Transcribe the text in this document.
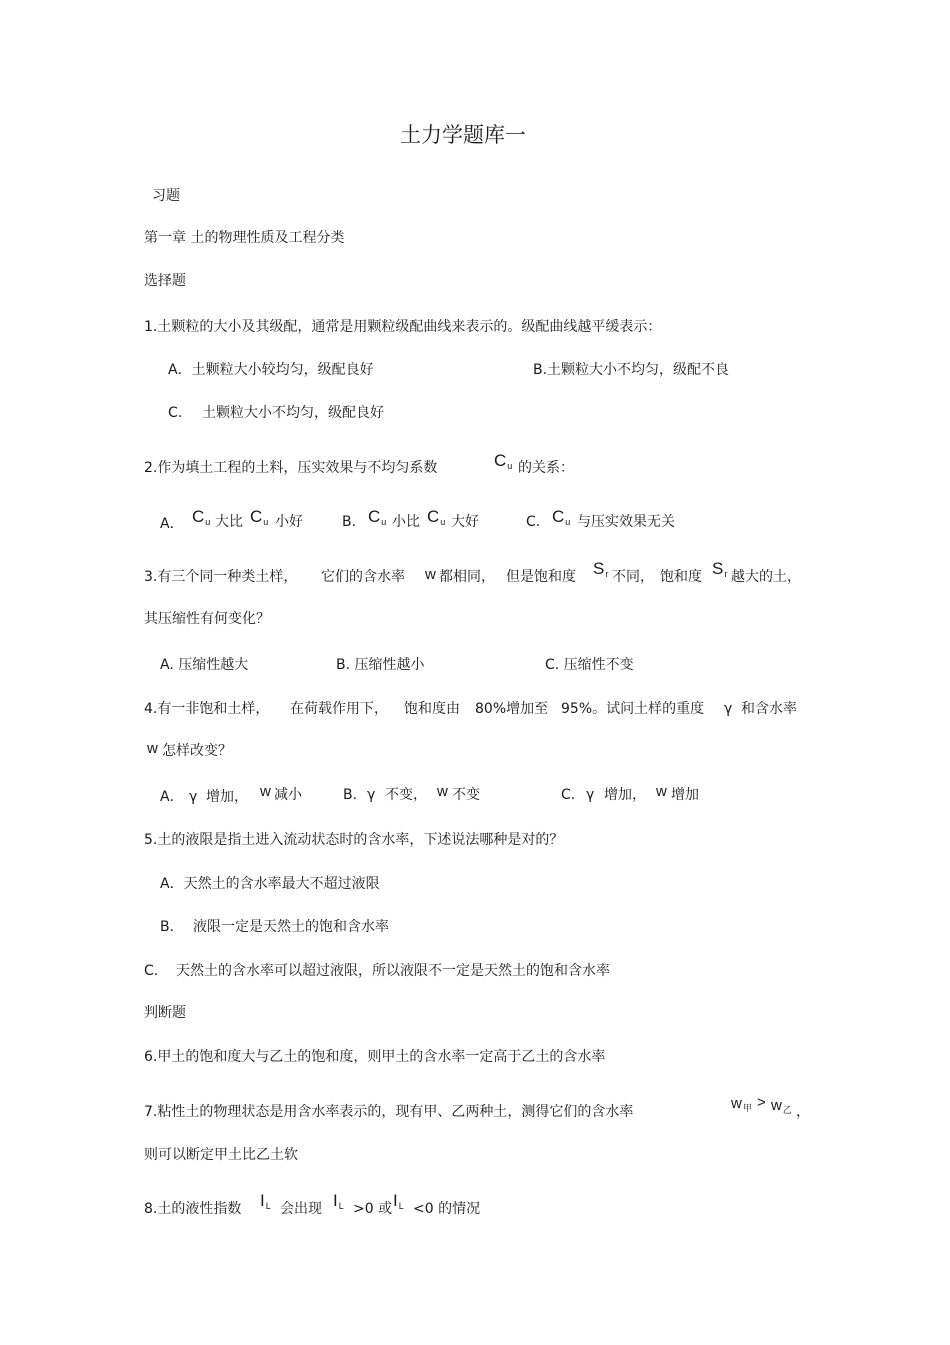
土力学题库一
习题
第一章 土的物理性质及工程分类
选择题
1.土颗粒的大小及其级配，通常是用颗粒级配曲线来表示的。级配曲线越平缓表示：
A．土颗粒大小较均匀，级配良好	B.土颗粒大小不均匀，级配不良
C. 土颗粒大小不均匀，级配良好
2.作为填土工程的土料，压实效果与不均匀系数	$C_u$ 的关系：
A． $C_u$ 大比 $C_u$ 小好	B. $C_u$ 小比 $C_u$ 大好	C. $C_u$ 与压实效果无关
3.有三个同一种类土样， 它们的含水率 w 都相同， 但是饱和度 $S_r$ 不同， 饱和度 $S_r$ 越大的土，
其压缩性有何变化？
A. 压缩性越大	B. 压缩性越小	C. 压缩性不变
4.有一非饱和土样， 在荷载作用下， 饱和度由 80%增加至 95%。试问土样的重度 γ 和含水率
w 怎样改变？
A． γ 增加， w 减小	B. γ 不变， w 不变	C. γ 增加， w 增加
5.土的液限是指土进入流动状态时的含水率，下述说法哪种是对的？
A．天然土的含水率最大不超过液限
B. 液限一定是天然土的饱和含水率
C. 天然土的含水率可以超过液限，所以液限不一定是天然土的饱和含水率
判断题
6.甲土的饱和度大与乙土的饱和度，则甲土的含水率一定高于乙土的含水率
7.粘性土的物理状态是用含水率表示的，现有甲、乙两种土，测得它们的含水率	$w_甲 > w_乙$ ，
则可以断定甲土比乙土软
8.土的液性指数 $I_L$ 会出现 $I_L >0$ 或 $I_L <0$ 的情况
